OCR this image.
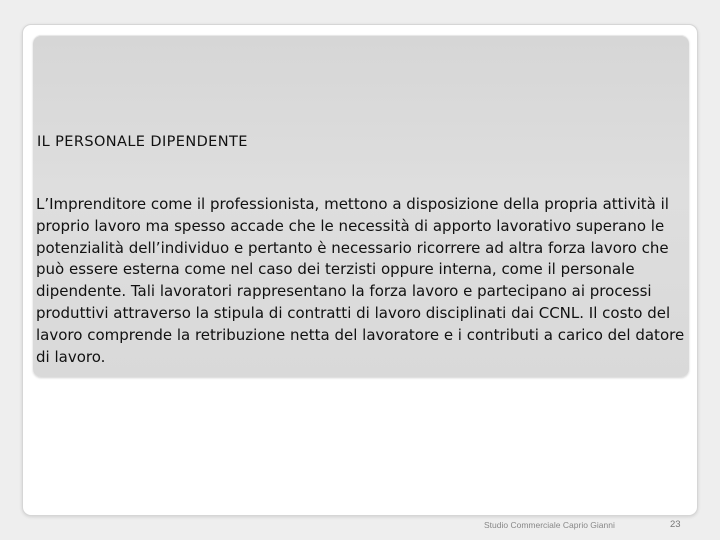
IL PERSONALE DIPENDENTE

L’Imprenditore come il professionista, mettono a disposizione della propria attività il proprio lavoro ma spesso accade che le necessità di apporto lavorativo superano le potenzialità dell’individuo e pertanto è necessario ricorrere ad altra forza lavoro che può essere esterna come nel caso dei terzisti oppure interna, come il personale dipendente. Tali lavoratori rappresentano la forza lavoro e partecipano ai processi produttivi attraverso la stipula di contratti di lavoro disciplinati dai CCNL. Il costo del lavoro comprende la retribuzione netta del lavoratore e i contributi a carico del datore di lavoro.

Studio Commerciale Caprio Gianni	23
